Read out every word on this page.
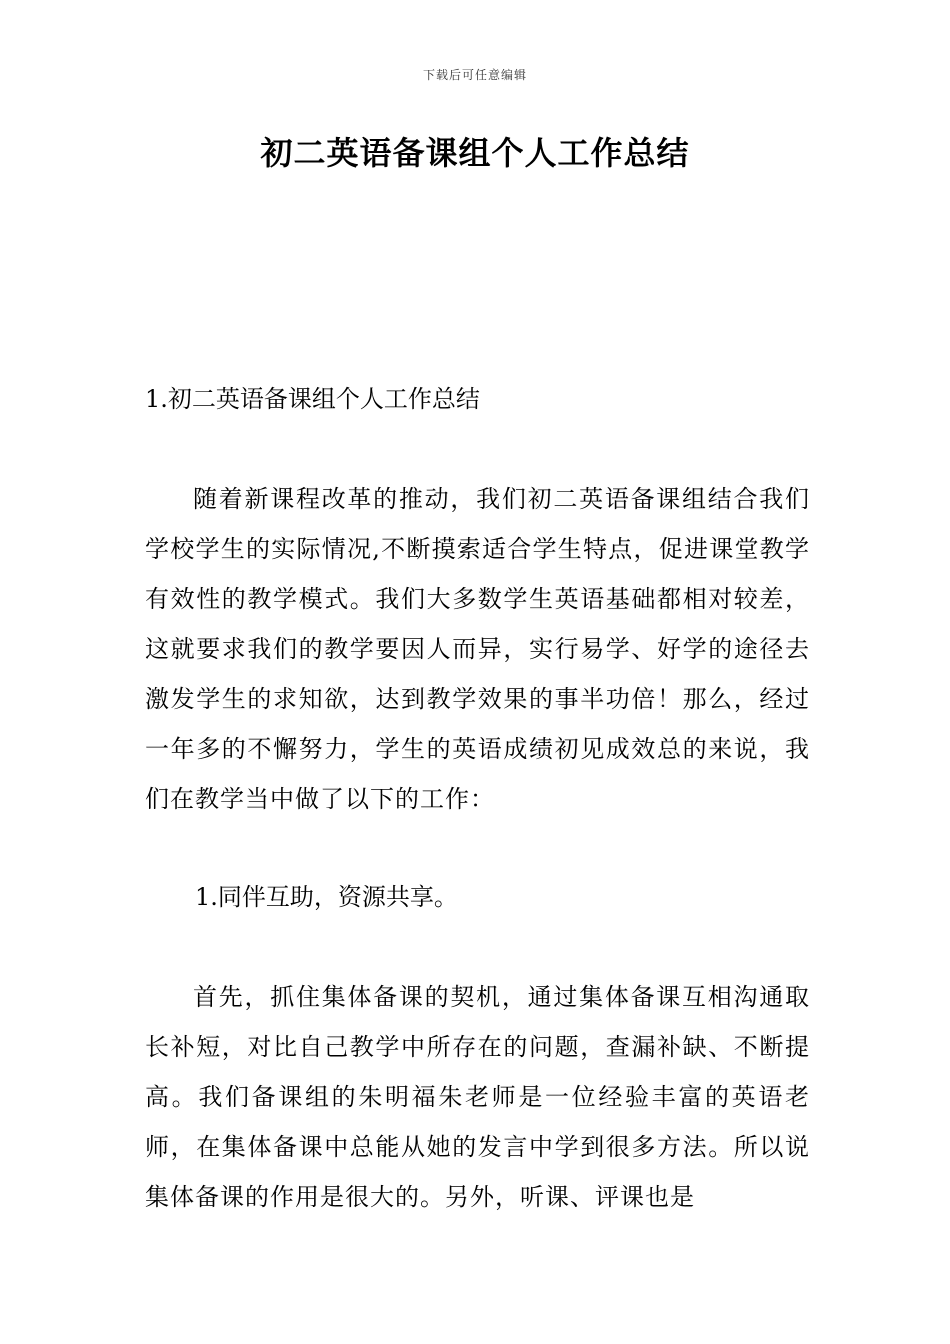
下载后可任意编辑
初二英语备课组个人工作总结
1.初二英语备课组个人工作总结
随着新课程改革的推动，我们初二英语备课组结合我们学校学生的实际情况,不断摸索适合学生特点，促进课堂教学有效性的教学模式。我们大多数学生英语基础都相对较差，这就要求我们的教学要因人而异，实行易学、好学的途径去激发学生的求知欲，达到教学效果的事半功倍！那么，经过一年多的不懈努力，学生的英语成绩初见成效总的来说，我们在教学当中做了以下的工作：
1.同伴互助，资源共享。
首先，抓住集体备课的契机，通过集体备课互相沟通取长补短，对比自己教学中所存在的问题，查漏补缺、不断提高。我们备课组的朱明福朱老师是一位经验丰富的英语老师，在集体备课中总能从她的发言中学到很多方法。所以说集体备课的作用是很大的。另外，听课、评课也是
